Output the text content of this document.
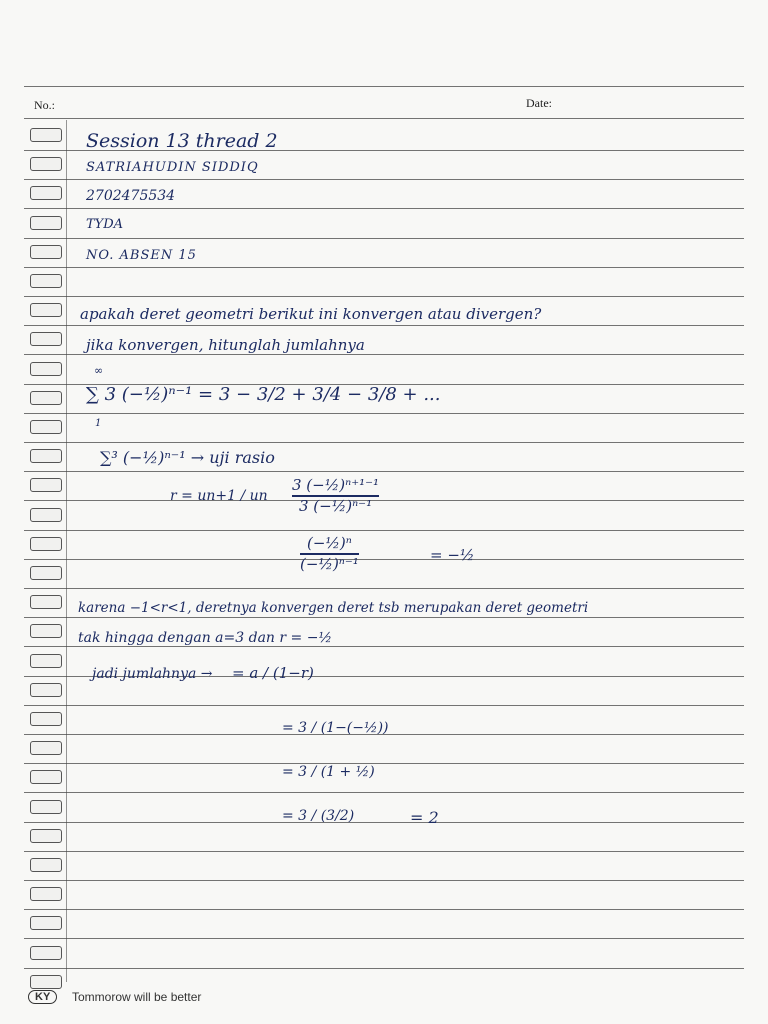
No.:	Date:
Session 13 thread 2
SATRIAHUDIN SIDDIQ
2702475534
TYDA
NO. ABSEN 15
apakah deret geometri berikut ini konvergen atau divergen?
jika konvergen, hitunglah jumlahnya
∞
∑ 3 (−½)ⁿ⁻¹ = 3 − 3/2 + 3/4 − 3/8 + ...
1
∑³ (−½)ⁿ⁻¹ → uji rasio
r = un+1 / un
3 (−½)ⁿ⁺¹⁻¹
3 (−½)ⁿ⁻¹
(−½)ⁿ
(−½)ⁿ⁻¹	= −½
karena −1<r<1, deretnya konvergen deret tsb merupakan deret geometri
tak hingga dengan a=3 dan r = −½
jadi jumlahnya → = a / (1−r)
= 3 / (1−(−½))
= 3 / (1 + ½)
= 3 / (3/2)	= 2
KY	Tommorow will be better
